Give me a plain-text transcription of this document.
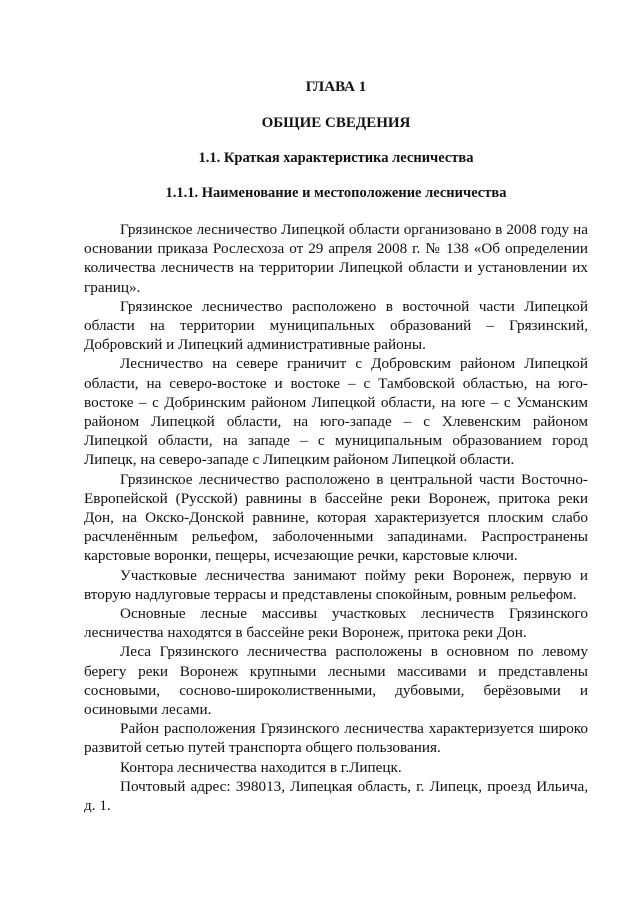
ГЛАВА 1
ОБЩИЕ СВЕДЕНИЯ
1.1. Краткая характеристика лесничества
1.1.1. Наименование и местоположение лесничества

Грязинское лесничество Липецкой области организовано в 2008 году на основании приказа Рослесхоза от 29 апреля 2008 г. № 138 «Об определении количества лесничеств на территории Липецкой области и установлении их границ».

Грязинское лесничество расположено в восточной части Липецкой области на территории муниципальных образований – Грязинский, Добровский и Липецкий административные районы.

Лесничество на севере граничит с Добровским районом Липецкой области, на северо-востоке и востоке – с Тамбовской областью, на юго-востоке – с Добринским районом Липецкой области, на юге – с Усманским районом Липецкой области, на юго-западе – с Хлевенским районом Липецкой области, на западе – с муниципальным образованием город Липецк, на северо-западе с Липецким районом Липецкой области.

Грязинское лесничество расположено в центральной части Восточно-Европейской (Русской) равнины в бассейне реки Воронеж, притока реки Дон, на Окско-Донской равнине, которая характеризуется плоским слабо расчленённым рельефом, заболоченными западинами. Распространены карстовые воронки, пещеры, исчезающие речки, карстовые ключи.

Участковые лесничества занимают пойму реки Воронеж, первую и вторую надлуговые террасы и представлены спокойным, ровным рельефом.

Основные лесные массивы участковых лесничеств Грязинского лесничества находятся в бассейне реки Воронеж, притока реки Дон.

Леса Грязинского лесничества расположены в основном по левому берегу реки Воронеж крупными лесными массивами и представлены сосновыми, сосново-широколиственными, дубовыми, берёзовыми и осиновыми лесами.

Район расположения Грязинского лесничества характеризуется широко развитой сетью путей транспорта общего пользования.

Контора лесничества находится в г.Липецк.

Почтовый адрес: 398013, Липецкая область, г. Липецк, проезд Ильича, д. 1.
